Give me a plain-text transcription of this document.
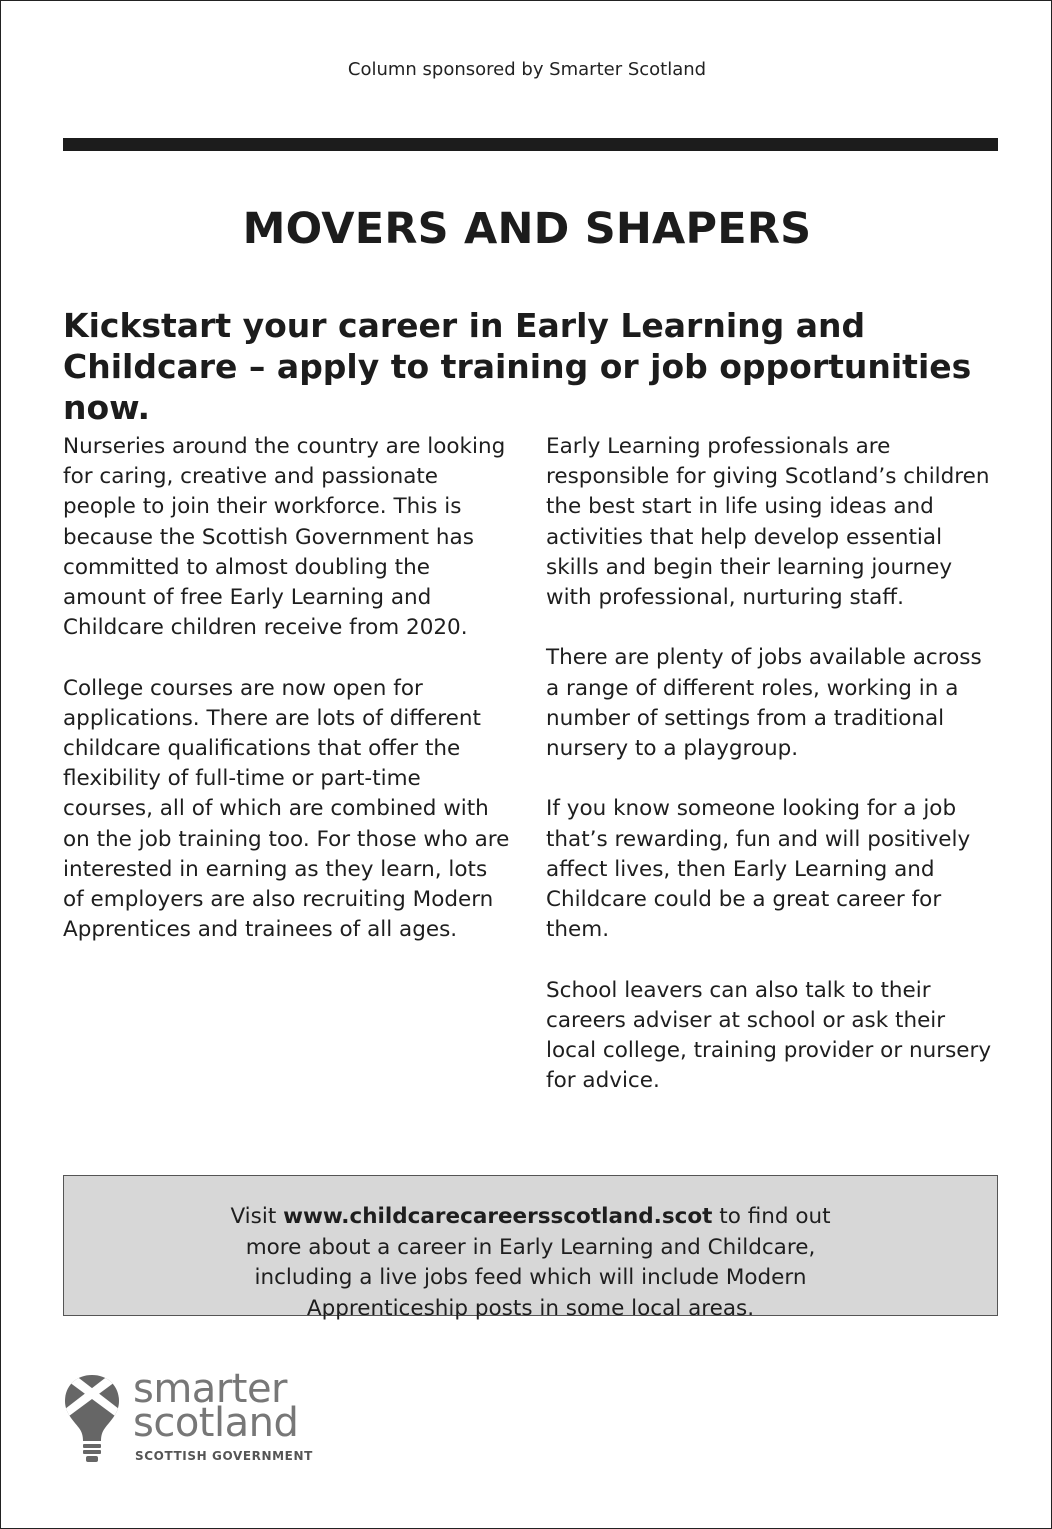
Column sponsored by Smarter Scotland
MOVERS AND SHAPERS
Kickstart your career in Early Learning and Childcare – apply to training or job opportunities now.

Nurseries around the country are looking for caring, creative and passionate people to join their workforce. This is because the Scottish Government has committed to almost doubling the amount of free Early Learning and Childcare children receive from 2020.

College courses are now open for applications. There are lots of different childcare qualifications that offer the flexibility of full-time or part-time courses, all of which are combined with on the job training too. For those who are interested in earning as they learn, lots of employers are also recruiting Modern Apprentices and trainees of all ages.

Early Learning professionals are responsible for giving Scotland’s children the best start in life using ideas and activities that help develop essential skills and begin their learning journey with professional, nurturing staff.

There are plenty of jobs available across a range of different roles, working in a number of settings from a traditional nursery to a playgroup.

If you know someone looking for a job that’s rewarding, fun and will positively affect lives, then Early Learning and Childcare could be a great career for them.

School leavers can also talk to their careers adviser at school or ask their local college, training provider or nursery for advice.

Visit www.childcarecareersscotland.scot to find out more about a career in Early Learning and Childcare, including a live jobs feed which will include Modern Apprenticeship posts in some local areas.
smarter
scotland
SCOTTISH GOVERNMENT
